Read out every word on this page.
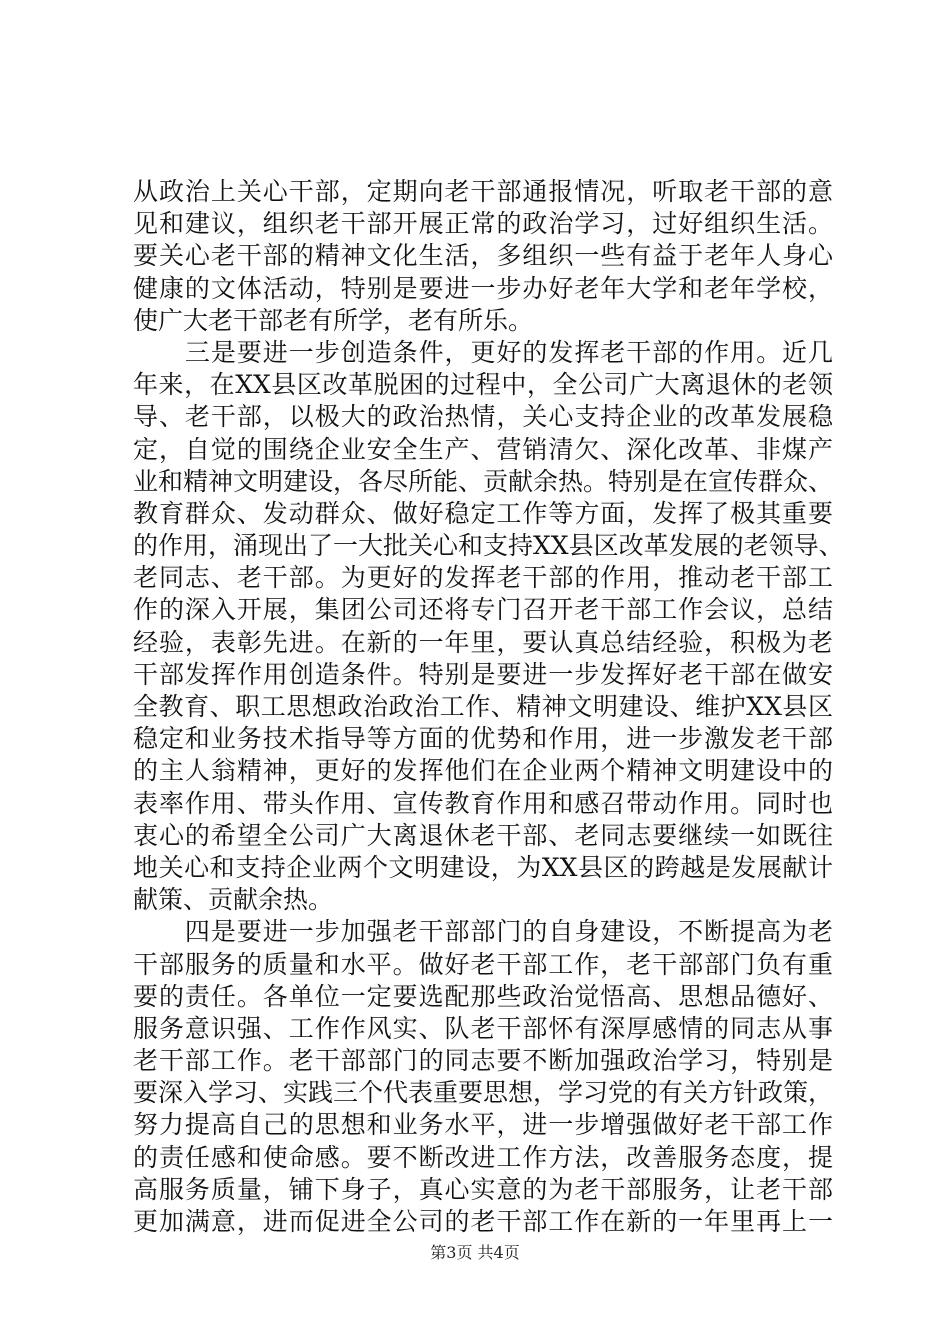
从政治上关心干部，定期向老干部通报情况，听取老干部的意
见和建议，组织老干部开展正常的政治学习，过好组织生活。
要关心老干部的精神文化生活，多组织一些有益于老年人身心
健康的文体活动，特别是要进一步办好老年大学和老年学校，
使广大老干部老有所学，老有所乐。
　　三是要进一步创造条件，更好的发挥老干部的作用。近几
年来，在XX县区改革脱困的过程中，全公司广大离退休的老领
导、老干部，以极大的政治热情，关心支持企业的改革发展稳
定，自觉的围绕企业安全生产、营销清欠、深化改革、非煤产
业和精神文明建设，各尽所能、贡献余热。特别是在宣传群众、
教育群众、发动群众、做好稳定工作等方面，发挥了极其重要
的作用，涌现出了一大批关心和支持XX县区改革发展的老领导、
老同志、老干部。为更好的发挥老干部的作用，推动老干部工
作的深入开展，集团公司还将专门召开老干部工作会议，总结
经验，表彰先进。在新的一年里，要认真总结经验，积极为老
干部发挥作用创造条件。特别是要进一步发挥好老干部在做安
全教育、职工思想政治政治工作、精神文明建设、维护XX县区
稳定和业务技术指导等方面的优势和作用，进一步激发老干部
的主人翁精神，更好的发挥他们在企业两个精神文明建设中的
表率作用、带头作用、宣传教育作用和感召带动作用。同时也
衷心的希望全公司广大离退休老干部、老同志要继续一如既往
地关心和支持企业两个文明建设，为XX县区的跨越是发展献计
献策、贡献余热。
　　四是要进一步加强老干部部门的自身建设，不断提高为老
干部服务的质量和水平。做好老干部工作，老干部部门负有重
要的责任。各单位一定要选配那些政治觉悟高、思想品德好、
服务意识强、工作作风实、队老干部怀有深厚感情的同志从事
老干部工作。老干部部门的同志要不断加强政治学习，特别是
要深入学习、实践三个代表重要思想，学习党的有关方针政策，
努力提高自己的思想和业务水平，进一步增强做好老干部工作
的责任感和使命感。要不断改进工作方法，改善服务态度，提
高服务质量，铺下身子，真心实意的为老干部服务，让老干部
更加满意，进而促进全公司的老干部工作在新的一年里再上一
第3页 共4页
